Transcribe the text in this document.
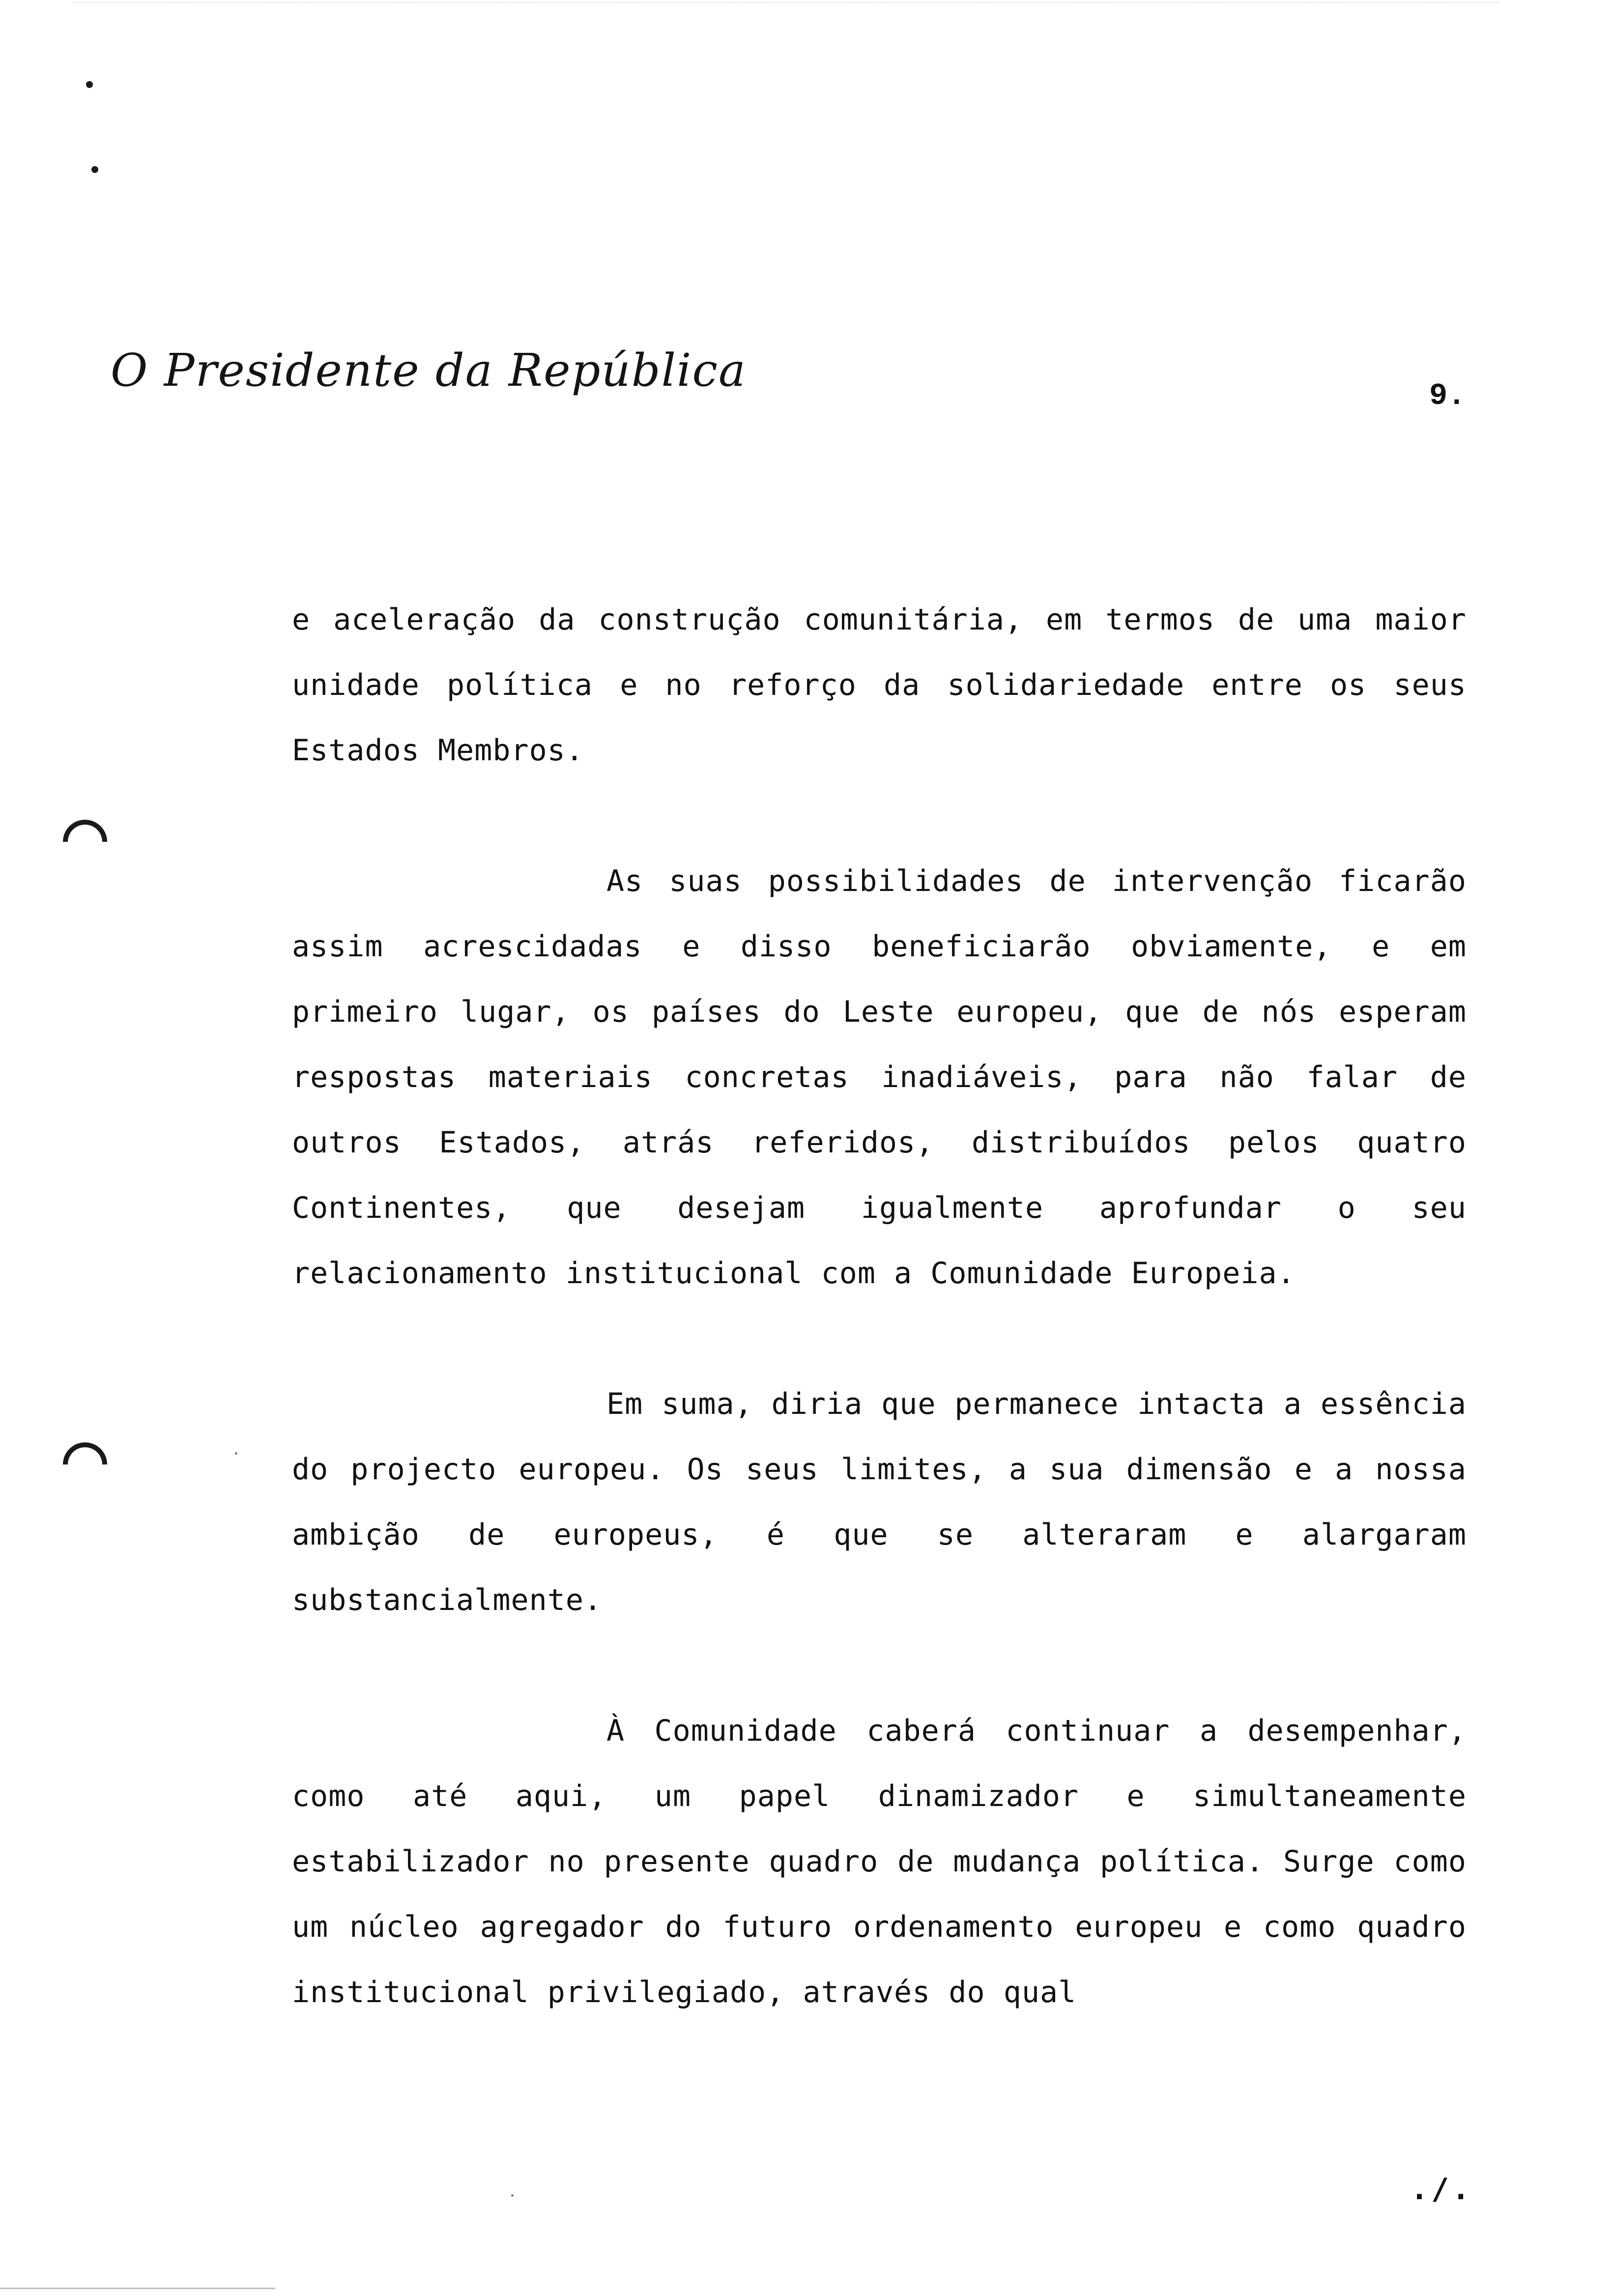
O Presidente da República	9.

e aceleração da construção comunitária, em termos de uma maior unidade política e no reforço da solidariedade entre os seus Estados Membros.

As suas possibilidades de intervenção ficarão assim acrescidadas e disso beneficiarão obviamente, e em primeiro lugar, os países do Leste europeu, que de nós esperam respostas materiais concretas inadiáveis, para não falar de outros Estados, atrás referidos, distribuídos pelos quatro Continentes, que desejam igualmente aprofundar o seu relacionamento institucional com a Comunidade Europeia.

Em suma, diria que permanece intacta a essência do projecto europeu. Os seus limites, a sua dimensão e a nossa ambição de europeus, é que se alteraram e alargaram substancialmente.

À Comunidade caberá continuar a desempenhar, como até aqui, um papel dinamizador e simultaneamente estabilizador no presente quadro de mudança política. Surge como um núcleo agregador do futuro ordenamento europeu e como quadro institucional privilegiado, através do qual

./.
